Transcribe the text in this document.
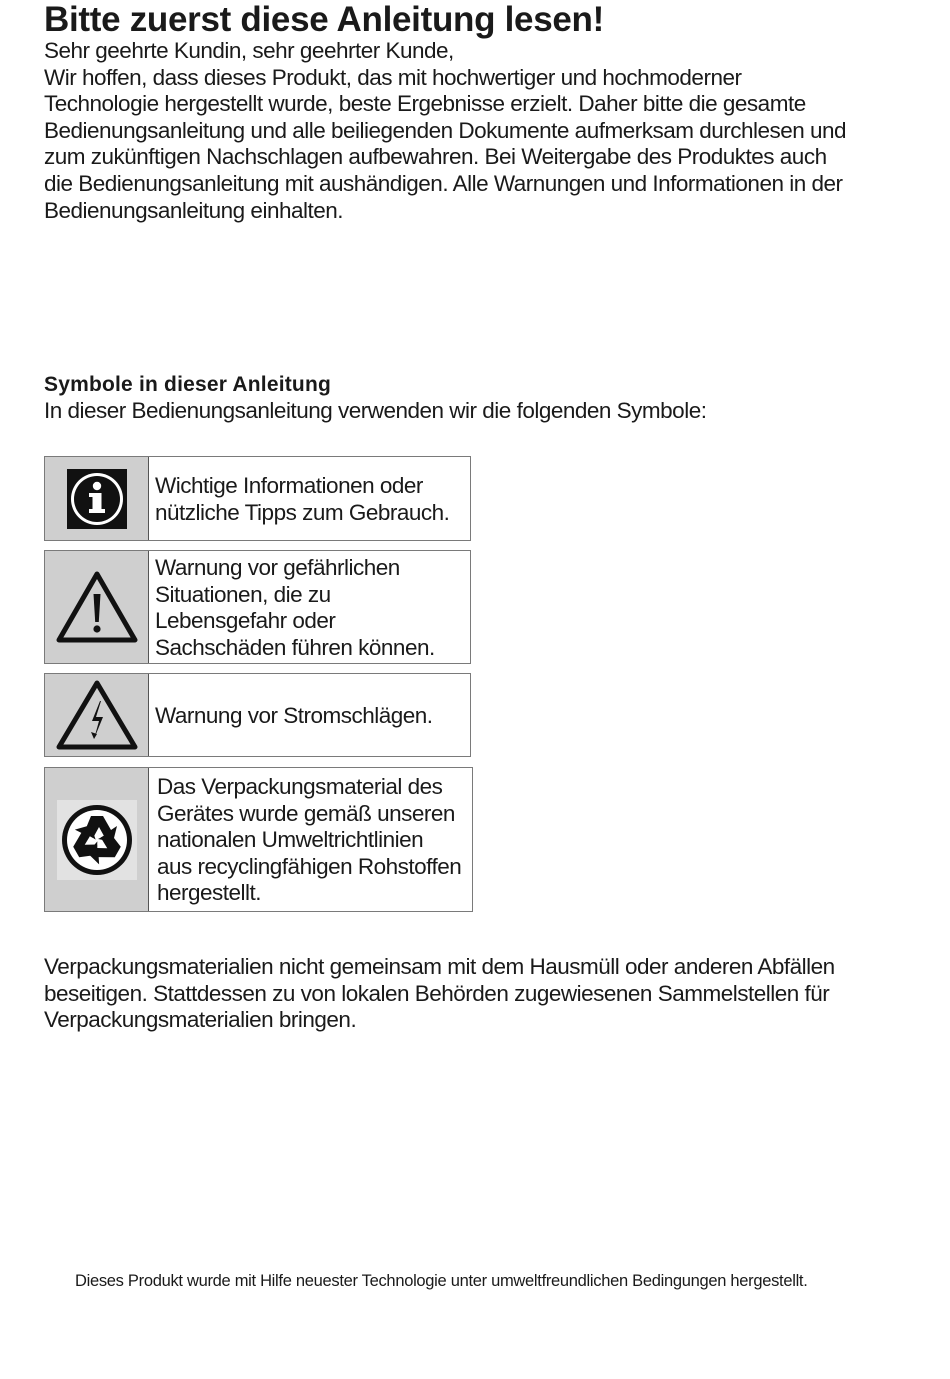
Bitte zuerst diese Anleitung lesen!
Sehr geehrte Kundin, sehr geehrter Kunde,
Wir hoffen, dass dieses Produkt, das mit hochwertiger und hochmoderner
Technologie hergestellt wurde, beste Ergebnisse erzielt. Daher bitte die gesamte
Bedienungsanleitung und alle beiliegenden Dokumente aufmerksam durchlesen und
zum zukünftigen Nachschlagen aufbewahren. Bei Weitergabe des Produktes auch
die Bedienungsanleitung mit aushändigen. Alle Warnungen und Informationen in der
Bedienungsanleitung einhalten.
Symbole in dieser Anleitung
In dieser Bedienungsanleitung verwenden wir die folgenden Symbole:
Wichtige Informationen oder
nützliche Tipps zum Gebrauch.
Warnung vor gefährlichen
Situationen, die zu
Lebensgefahr oder
Sachschäden führen können.
Warnung vor Stromschlägen.
Das Verpackungsmaterial des
Gerätes wurde gemäß unseren
nationalen Umweltrichtlinien
aus recyclingfähigen Rohstoffen
hergestellt.
Verpackungsmaterialien nicht gemeinsam mit dem Hausmüll oder anderen Abfällen
beseitigen. Stattdessen zu von lokalen Behörden zugewiesenen Sammelstellen für
Verpackungsmaterialien bringen.
Dieses Produkt wurde mit Hilfe neuester Technologie unter umweltfreundlichen Bedingungen hergestellt.
